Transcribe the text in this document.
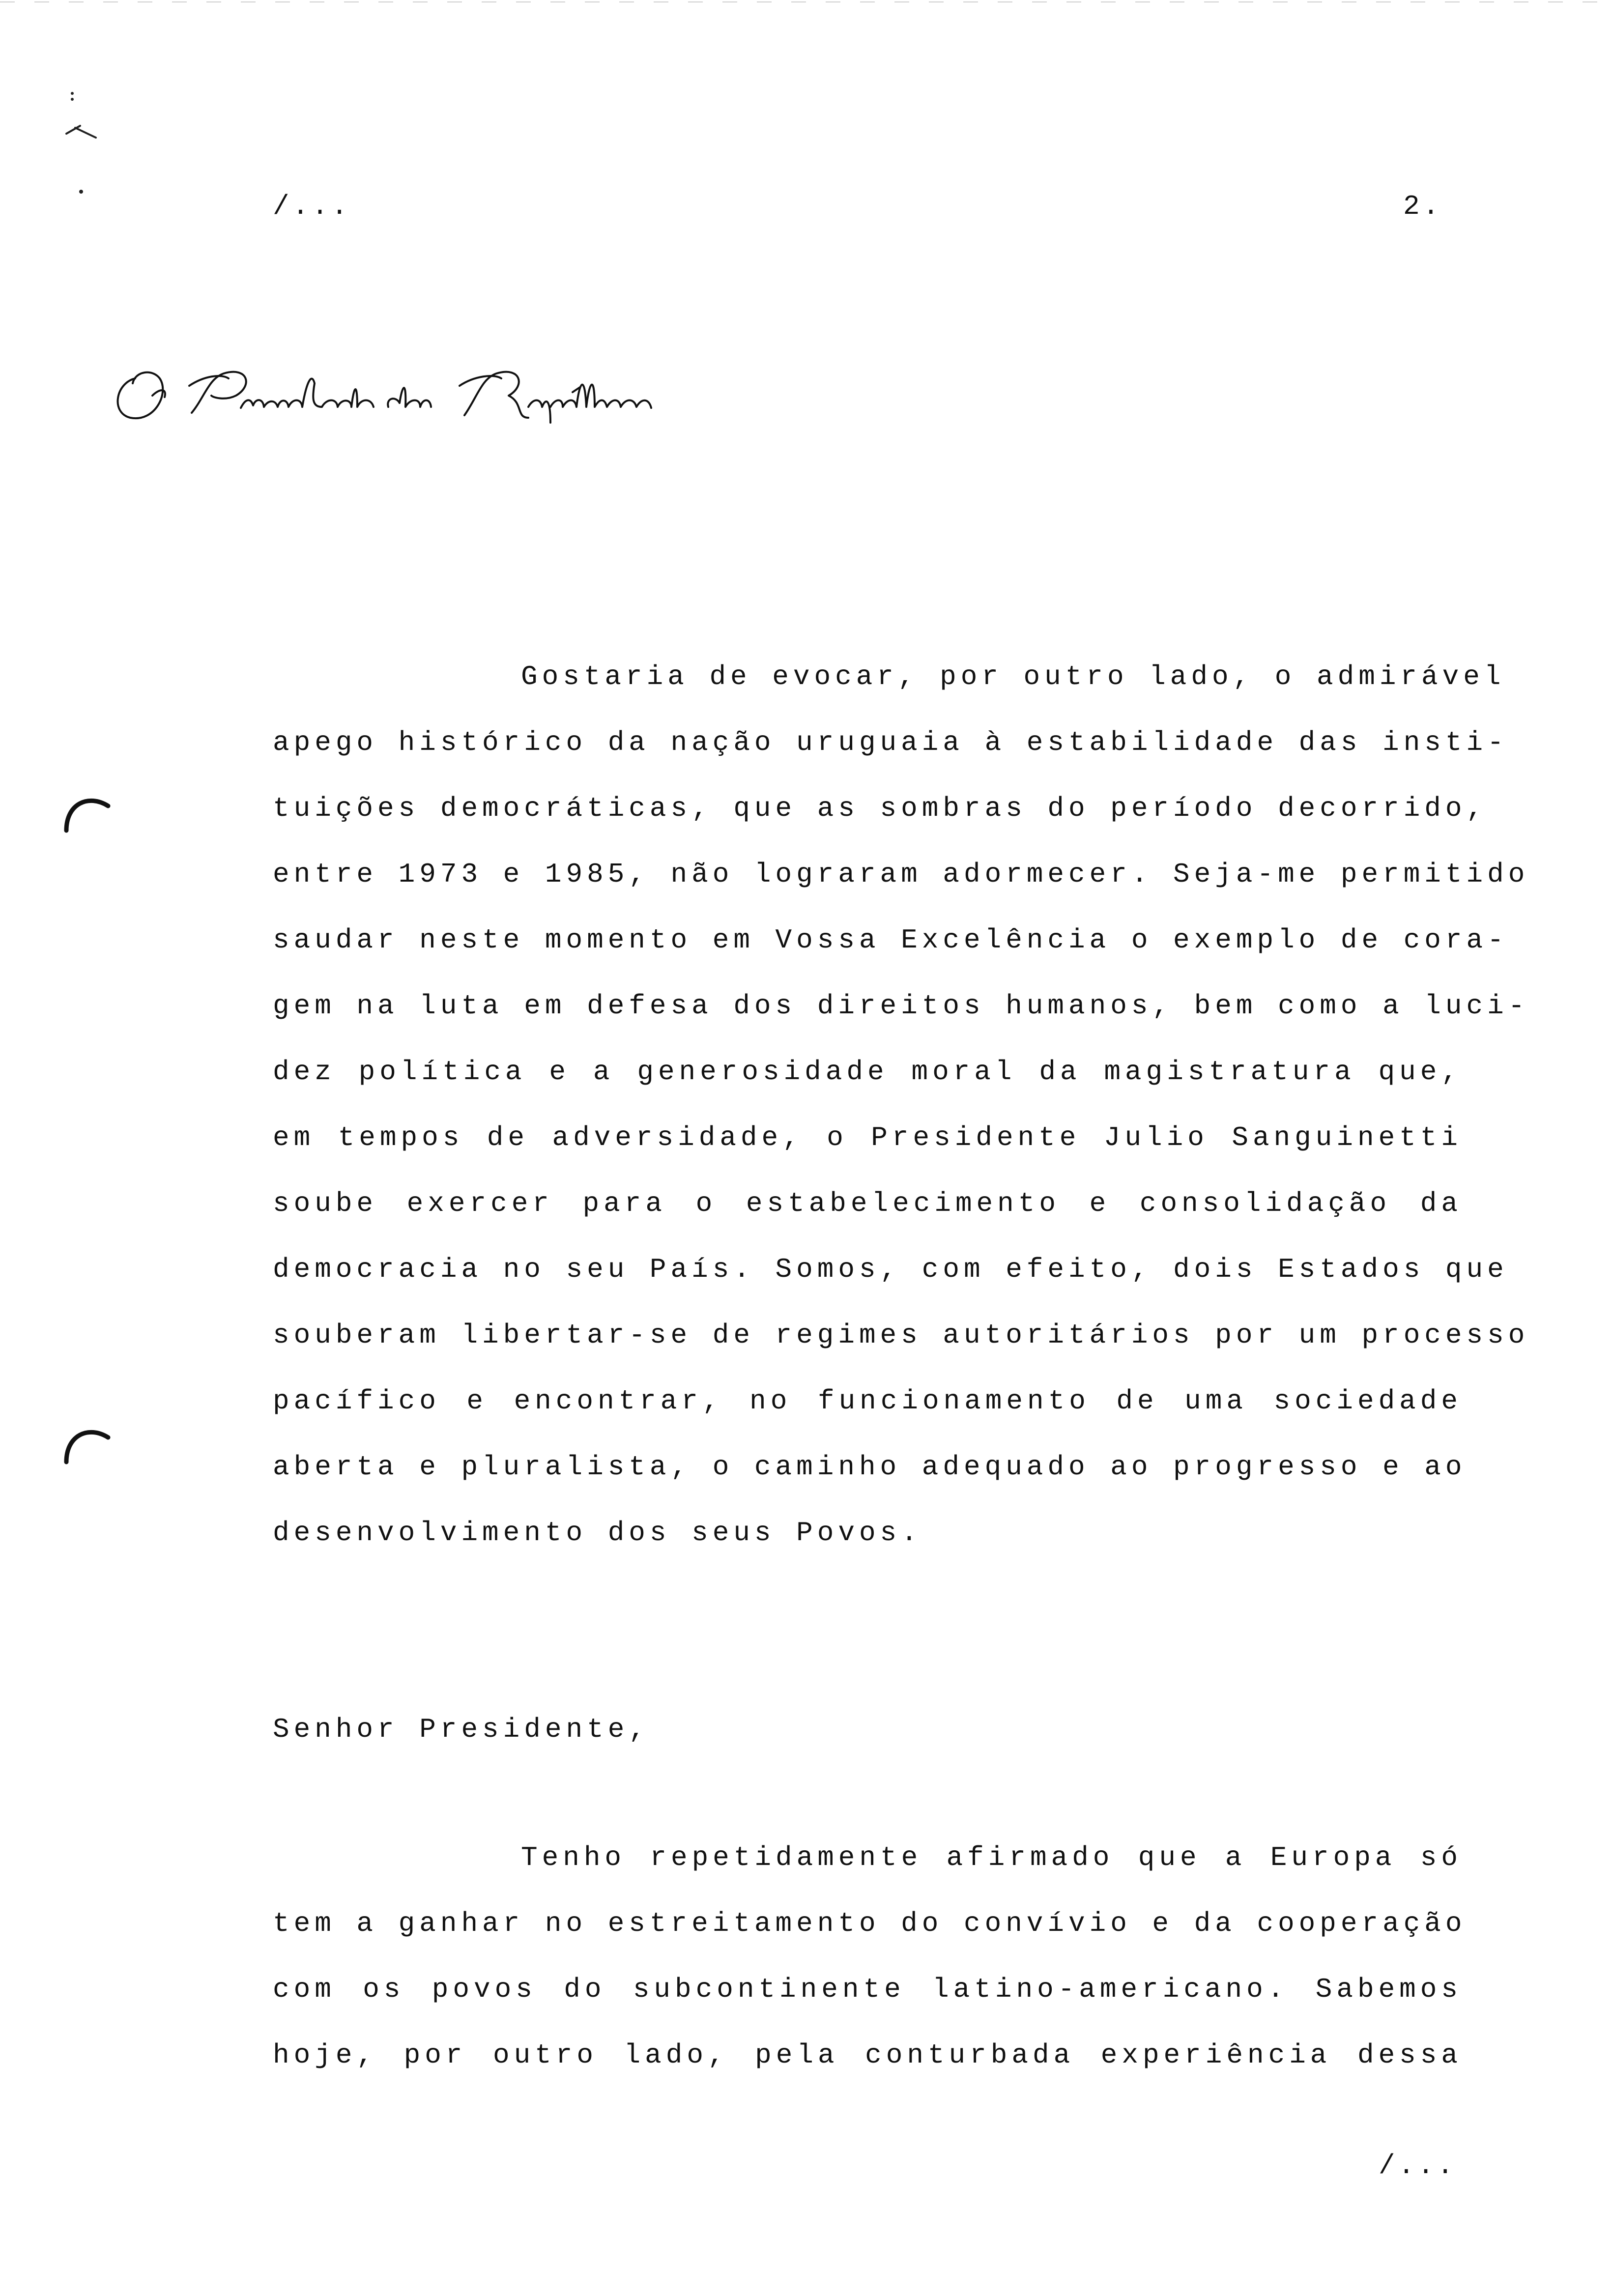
/...	2.
Gostaria de evocar, por outro lado, o admirável
apego histórico da nação uruguaia à estabilidade das insti-
tuições democráticas, que as sombras do período decorrido,
entre 1973 e 1985, não lograram adormecer. Seja-me permitido
saudar neste momento em Vossa Excelência o exemplo de cora-
gem na luta em defesa dos direitos humanos, bem como a luci-
dez política e a generosidade moral da magistratura que,
em tempos de adversidade, o Presidente Julio Sanguinetti
soube exercer para o estabelecimento e consolidação da
democracia no seu País. Somos, com efeito, dois Estados que
souberam libertar-se de regimes autoritários por um processo
pacífico e encontrar, no funcionamento de uma sociedade
aberta e pluralista, o caminho adequado ao progresso e ao
desenvolvimento dos seus Povos.
Senhor Presidente,
Tenho repetidamente afirmado que a Europa só
tem a ganhar no estreitamento do convívio e da cooperação
com os povos do subcontinente latino-americano. Sabemos
hoje, por outro lado, pela conturbada experiência dessa
/...
